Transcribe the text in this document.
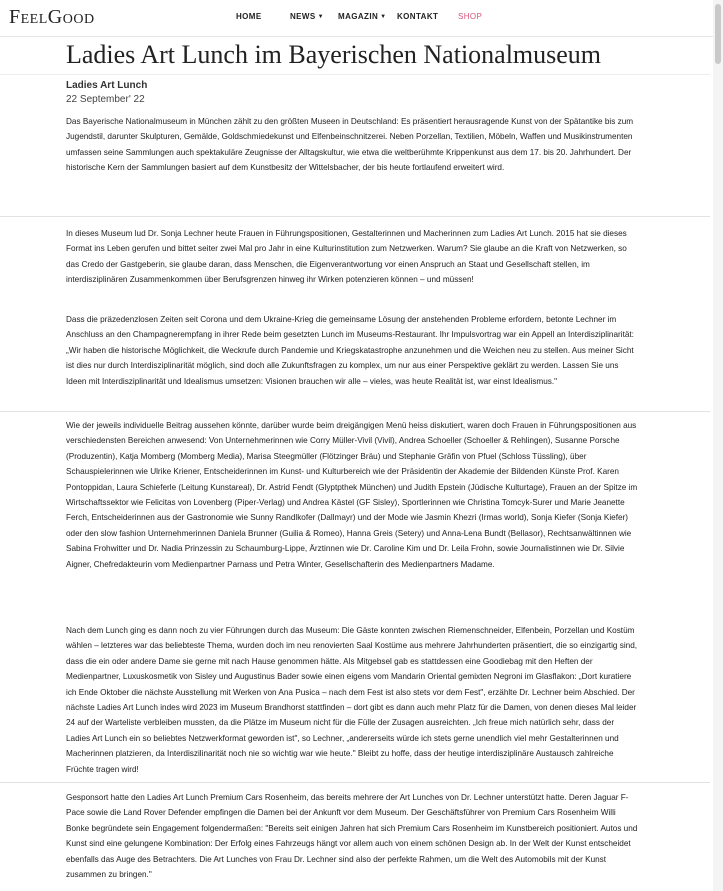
FeelGood	HOME	NEWS ▼ MAGAZIN ▼ KONTAKT SHOP
Ladies Art Lunch im Bayerischen Nationalmuseum
Ladies Art Lunch
22 September' 22

Das Bayerische Nationalmuseum in München zählt zu den größten Museen in Deutschland: Es präsentiert herausragende Kunst von der Spätantike bis zum Jugendstil, darunter Skulpturen, Gemälde, Goldschmiedekunst und Elfenbeinschnitzerei. Neben Porzellan, Textilien, Möbeln, Waffen und Musikinstrumenten umfassen seine Sammlungen auch spektakuläre Zeugnisse der Alltagskultur, wie etwa die weltberühmte Krippenkunst aus dem 17. bis 20. Jahrhundert. Der historische Kern der Sammlungen basiert auf dem Kunstbesitz der Wittelsbacher, der bis heute fortlaufend erweitert wird.

In dieses Museum lud Dr. Sonja Lechner heute Frauen in Führungspositionen, Gestalterinnen und Macherinnen zum Ladies Art Lunch. 2015 hat sie dieses Format ins Leben gerufen und bittet seiter zwei Mal pro Jahr in eine Kulturinstitution zum Netzwerken. Warum? Sie glaube an die Kraft von Netzwerken, so das Credo der Gastgeberin, sie glaube daran, dass Menschen, die Eigenverantwortung vor einen Anspruch an Staat und Gesellschaft stellen, im interdisziplinären Zusammenkommen über Berufsgrenzen hinweg ihr Wirken potenzieren können – und müssen!

Dass die präzedenzlosen Zeiten seit Corona und dem Ukraine-Krieg die gemeinsame Lösung der anstehenden Probleme erfordern, betonte Lechner im Anschluss an den Champagnerempfang in ihrer Rede beim gesetzten Lunch im Museums-Restaurant. Ihr Impulsvortrag war ein Appell an Interdisziplinarität: „Wir haben die historische Möglichkeit, die Weckrufe durch Pandemie und Kriegskatastrophe anzunehmen und die Weichen neu zu stellen. Aus meiner Sicht ist dies nur durch Interdisziplinarität möglich, sind doch alle Zukunftsfragen zu komplex, um nur aus einer Perspektive geklärt zu werden. Lassen Sie uns Ideen mit Interdisziplinarität und Idealismus umsetzen: Visionen brauchen wir alle – vieles, was heute Realität ist, war einst Idealismus."

Wie der jeweils individuelle Beitrag aussehen könnte, darüber wurde beim dreigängigen Menü heiss diskutiert, waren doch Frauen in Führungspositionen aus verschiedensten Bereichen anwesend: Von Unternehmerinnen wie Corry Müller-Vivil (Vivil), Andrea Schoeller (Schoeller & Rehlingen), Susanne Porsche (Produzentin), Katja Momberg (Momberg Media), Marisa Steegmüller (Flötzinger Bräu) und Stephanie Gräfin von Pfuel (Schloss Tüssling), über Schauspielerinnen wie Ulrike Kriener, Entscheiderinnen im Kunst- und Kulturbereich wie der Präsidentin der Akademie der Bildenden Künste Prof. Karen Pontoppidan, Laura Schieferle (Leitung Kunstareal), Dr. Astrid Fendt (Glyptpthek München) und Judith Epstein (Jüdische Kulturtage), Frauen an der Spitze im Wirtschaftssektor wie Felicitas von Lovenberg (Piper-Verlag) und Andrea Kästel (GF Sisley), Sportlerinnen wie Christina Tomcyk-Surer und Marie Jeanette Ferch, Entscheiderinnen aus der Gastronomie wie Sunny Randlkofer (Dallmayr) und der Mode wie Jasmin Khezri (Irmas world), Sonja Kiefer (Sonja Kiefer) oder den slow fashion Unternehmerinnen Daniela Brunner (Guilia & Romeo), Hanna Greis (Setery) und Anna-Lena Bundt (Bellasor), Rechtsanwältinnen wie Sabina Frohwitter und Dr. Nadia Prinzessin zu Schaumburg-Lippe, Ärztinnen wie Dr. Caroline Kim und Dr. Leila Frohn, sowie Journalistinnen wie Dr. Silvie Aigner, Chefredakteurin vom Medienpartner Parnass und Petra Winter, Gesellschafterin des Medienpartners Madame.

Nach dem Lunch ging es dann noch zu vier Führungen durch das Museum: Die Gäste konnten zwischen Riemenschneider, Elfenbein, Porzellan und Kostüm wählen – letzteres war das beliebteste Thema, wurden doch im neu renovierten Saal Kostüme aus mehrere Jahrhunderten präsentiert, die so einzigartig sind, dass die ein oder andere Dame sie gerne mit nach Hause genommen hätte. Als Mitgebsel gab es stattdessen eine Goodiebag mit den Heften der Medienpartner, Luxuskosmetik von Sisley und Augustinus Bader sowie einen eigens vom Mandarin Oriental gemixten Negroni im Glasflakon: „Dort kuratiere ich Ende Oktober die nächste Ausstellung mit Werken von Ana Pusica – nach dem Fest ist also stets vor dem Fest", erzählte Dr. Lechner beim Abschied. Der nächste Ladies Art Lunch indes wird 2023 im Museum Brandhorst stattfinden – dort gibt es dann auch mehr Platz für die Damen, von denen dieses Mal leider 24 auf der Warteliste verbleiben mussten, da die Plätze im Museum nicht für die Fülle der Zusagen ausreichten. „Ich freue mich natürlich sehr, dass der Ladies Art Lunch ein so beliebtes Netzwerkformat geworden ist", so Lechner, „andererseits würde ich stets gerne unendlich viel mehr Gestalterinnen und Macherinnen platzieren, da Interdiszilinarität noch nie so wichtig war wie heute." Bleibt zu hoffe, dass der heutige interdisziplinäre Austausch zahlreiche Früchte tragen wird!

Gesponsort hatte den Ladies Art Lunch Premium Cars Rosenheim, das bereits mehrere der Art Lunches von Dr. Lechner unterstützt hatte. Deren Jaguar F-Pace sowie die Land Rover Defender empfingen die Damen bei der Ankunft vor dem Museum. Der Geschäftsführer von Premium Cars Rosenheim Willi Bonke begründete sein Engagement folgendermaßen: "Bereits seit einigen Jahren hat sich Premium Cars Rosenheim im Kunstbereich positioniert. Autos und Kunst sind eine gelungene Kombination: Der Erfolg eines Fahrzeugs hängt vor allem auch von einem schönen Design ab. In der Welt der Kunst entscheidet ebenfalls das Auge des Betrachters. Die Art Lunches von Frau Dr. Lechner sind also der perfekte Rahmen, um die Welt des Automobils mit der Kunst zusammen zu bringen."
